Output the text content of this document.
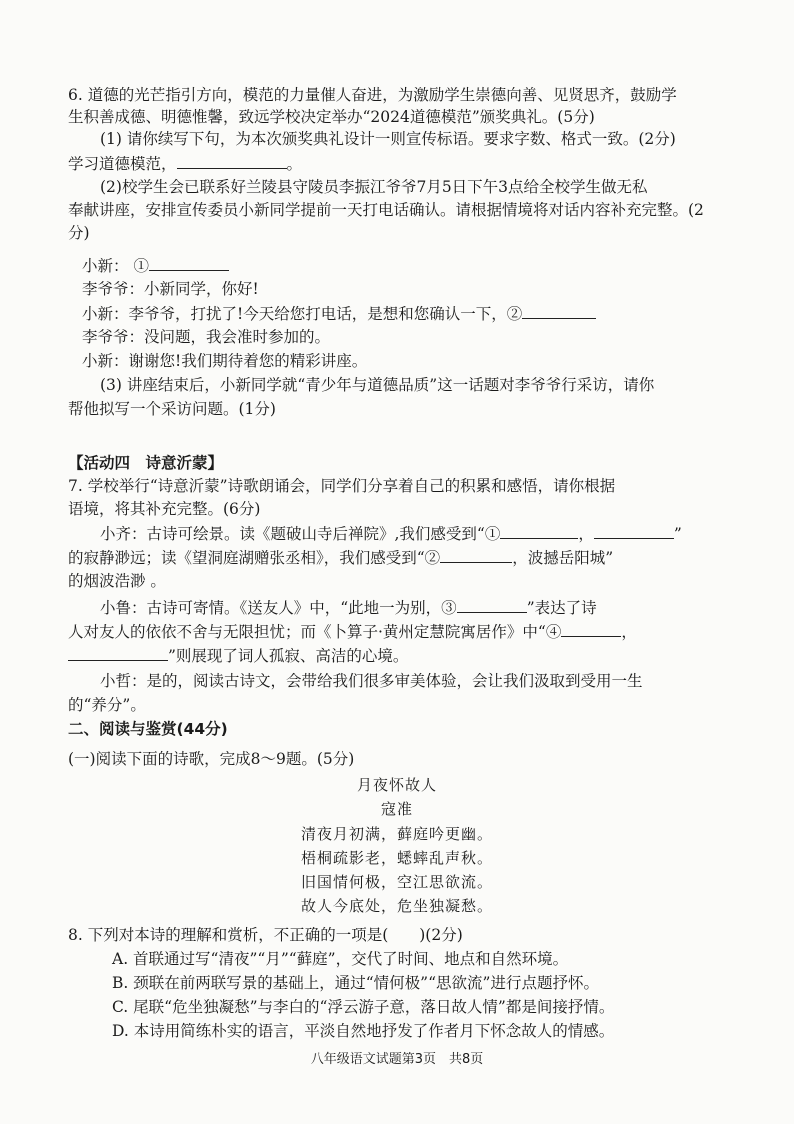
6. 道德的光芒指引方向，模范的力量催人奋进，为激励学生崇德向善、见贤思齐，鼓励学
生积善成德、明德惟馨，致远学校决定举办“2024道德模范”颁奖典礼。(5分)
(1) 请你续写下句，为本次颁奖典礼设计一则宣传标语。要求字数、格式一致。(2分)
学习道德模范，	。
(2)校学生会已联系好兰陵县守陵员李振江爷爷7月5日下午3点给全校学生做无私
奉献讲座，安排宣传委员小新同学提前一天打电话确认。请根据情境将对话内容补充完整。(2
分)
小新： ①
李爷爷：小新同学，你好!
小新：李爷爷，打扰了!今天给您打电话，是想和您确认一下，②
李爷爷：没问题，我会准时参加的。
小新：谢谢您!我们期待着您的精彩讲座。
(3) 讲座结束后，小新同学就“青少年与道德品质”这一话题对李爷爷行采访，请你
帮他拟写一个采访问题。(1分)
【活动四　诗意沂蒙】
7. 学校举行“诗意沂蒙”诗歌朗诵会，同学们分享着自己的积累和感悟，请你根据
语境，将其补充完整。(6分)
小齐：古诗可绘景。读《题破山寺后禅院》,我们感受到“①	，	”
的寂静渺远；读《望洞庭湖赠张丞相》，我们感受到“②	，波撼岳阳城”
的烟波浩渺 。
小鲁：古诗可寄情。《送友人》中，“此地一为别，③	”表达了诗
人对友人的依依不舍与无限担忧；而《卜算子·黄州定慧院寓居作》中“④	，
”则展现了词人孤寂、高洁的心境。
小哲：是的，阅读古诗文，会带给我们很多审美体验，会让我们汲取到受用一生
的“养分”。
二、阅读与鉴赏(44分)
(一)阅读下面的诗歌，完成8～9题。(5分)
月夜怀故人
寇准
清夜月初满，藓庭吟更幽。
梧桐疏影老，蟋蟀乱声秋。
旧国情何极，空江思欲流。
故人今底处，危坐独凝愁。
8. 下列对本诗的理解和赏析，不正确的一项是(　　)(2分)
A. 首联通过写“清夜”“月”“藓庭”，交代了时间、地点和自然环境。
B. 颈联在前两联写景的基础上，通过“情何极”“思欲流”进行点题抒怀。
C. 尾联“危坐独凝愁”与李白的“浮云游子意，落日故人情”都是间接抒情。
D. 本诗用简练朴实的语言，平淡自然地抒发了作者月下怀念故人的情感。
八年级语文试题第3页　共8页
